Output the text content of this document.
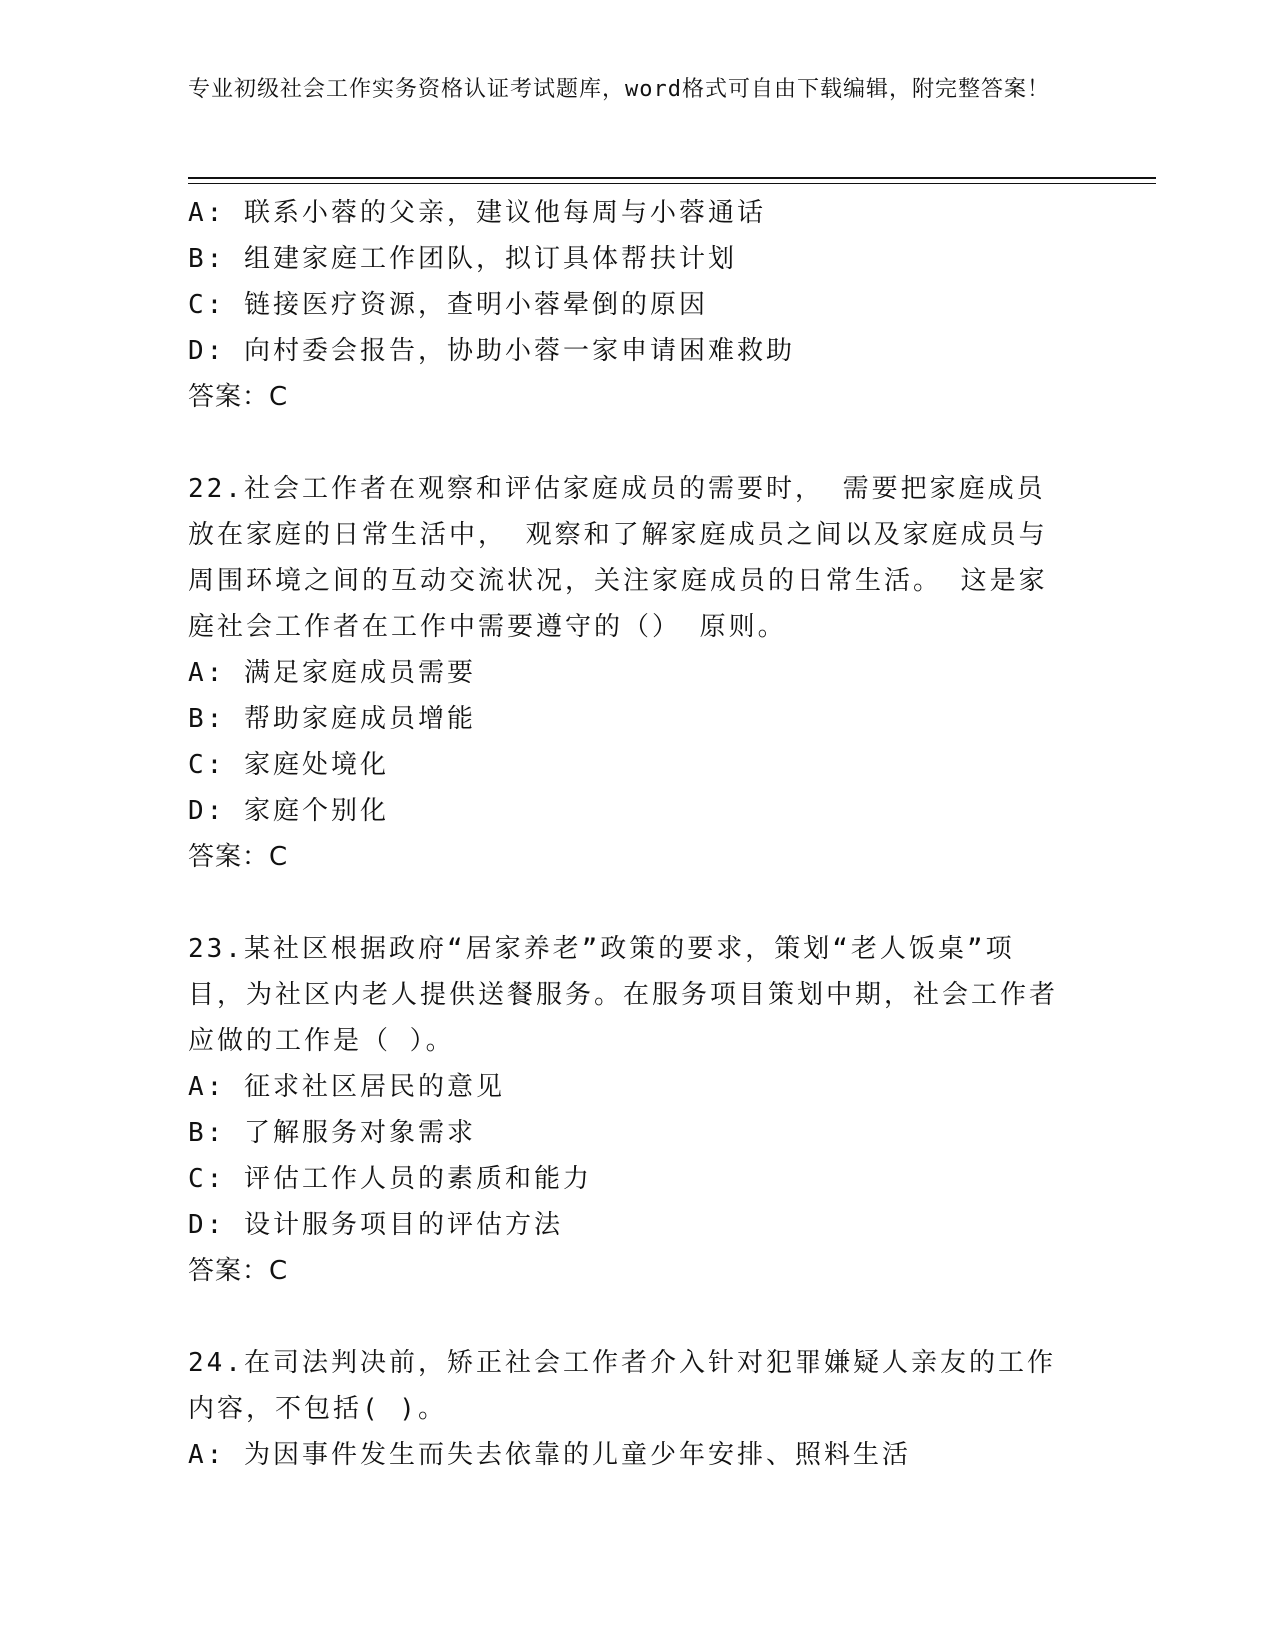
专业初级社会工作实务资格认证考试题库，word格式可自由下载编辑，附完整答案！
A: 联系小蓉的父亲，建议他每周与小蓉通话
B: 组建家庭工作团队，拟订具体帮扶计划
C: 链接医疗资源，查明小蓉晕倒的原因
D: 向村委会报告，协助小蓉一家申请困难救助
答案：C
22.社会工作者在观察和评估家庭成员的需要时， 需要把家庭成员放在家庭的日常生活中， 观察和了解家庭成员之间以及家庭成员与周围环境之间的互动交流状况，关注家庭成员的日常生活。 这是家庭社会工作者在工作中需要遵守的（） 原则。
A: 满足家庭成员需要
B: 帮助家庭成员增能
C: 家庭处境化
D: 家庭个别化
答案：C
23.某社区根据政府“居家养老”政策的要求，策划“老人饭桌”项目，为社区内老人提供送餐服务。在服务项目策划中期，社会工作者应做的工作是（ ）。
A: 征求社区居民的意见
B: 了解服务对象需求
C: 评估工作人员的素质和能力
D: 设计服务项目的评估方法
答案：C
24.在司法判决前，矫正社会工作者介入针对犯罪嫌疑人亲友的工作内容，不包括( )。
A: 为因事件发生而失去依靠的儿童少年安排、照料生活
